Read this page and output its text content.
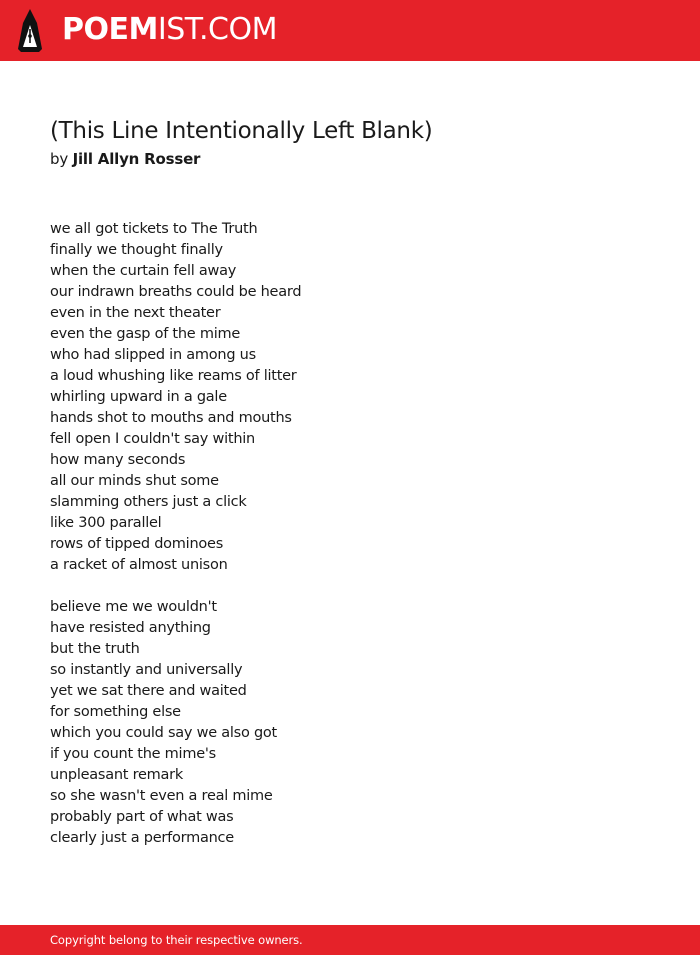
POEMIST.COM
(This Line Intentionally Left Blank)
by Jill Allyn Rosser
we all got tickets to The Truth
finally we thought finally
when the curtain fell away
our indrawn breaths could be heard
even in the next theater
even the gasp of the mime
who had slipped in among us
a loud whushing like reams of litter
whirling upward in a gale
hands shot to mouths and mouths
fell open I couldn't say within
how many seconds
all our minds shut some
slamming others just a click
like 300 parallel
rows of tipped dominoes
a racket of almost unison
believe me we wouldn't
have resisted anything
but the truth
so instantly and universally
yet we sat there and waited
for something else
which you could say we also got
if you count the mime's
unpleasant remark
so she wasn't even a real mime
probably part of what was
clearly just a performance
Copyright belong to their respective owners.
